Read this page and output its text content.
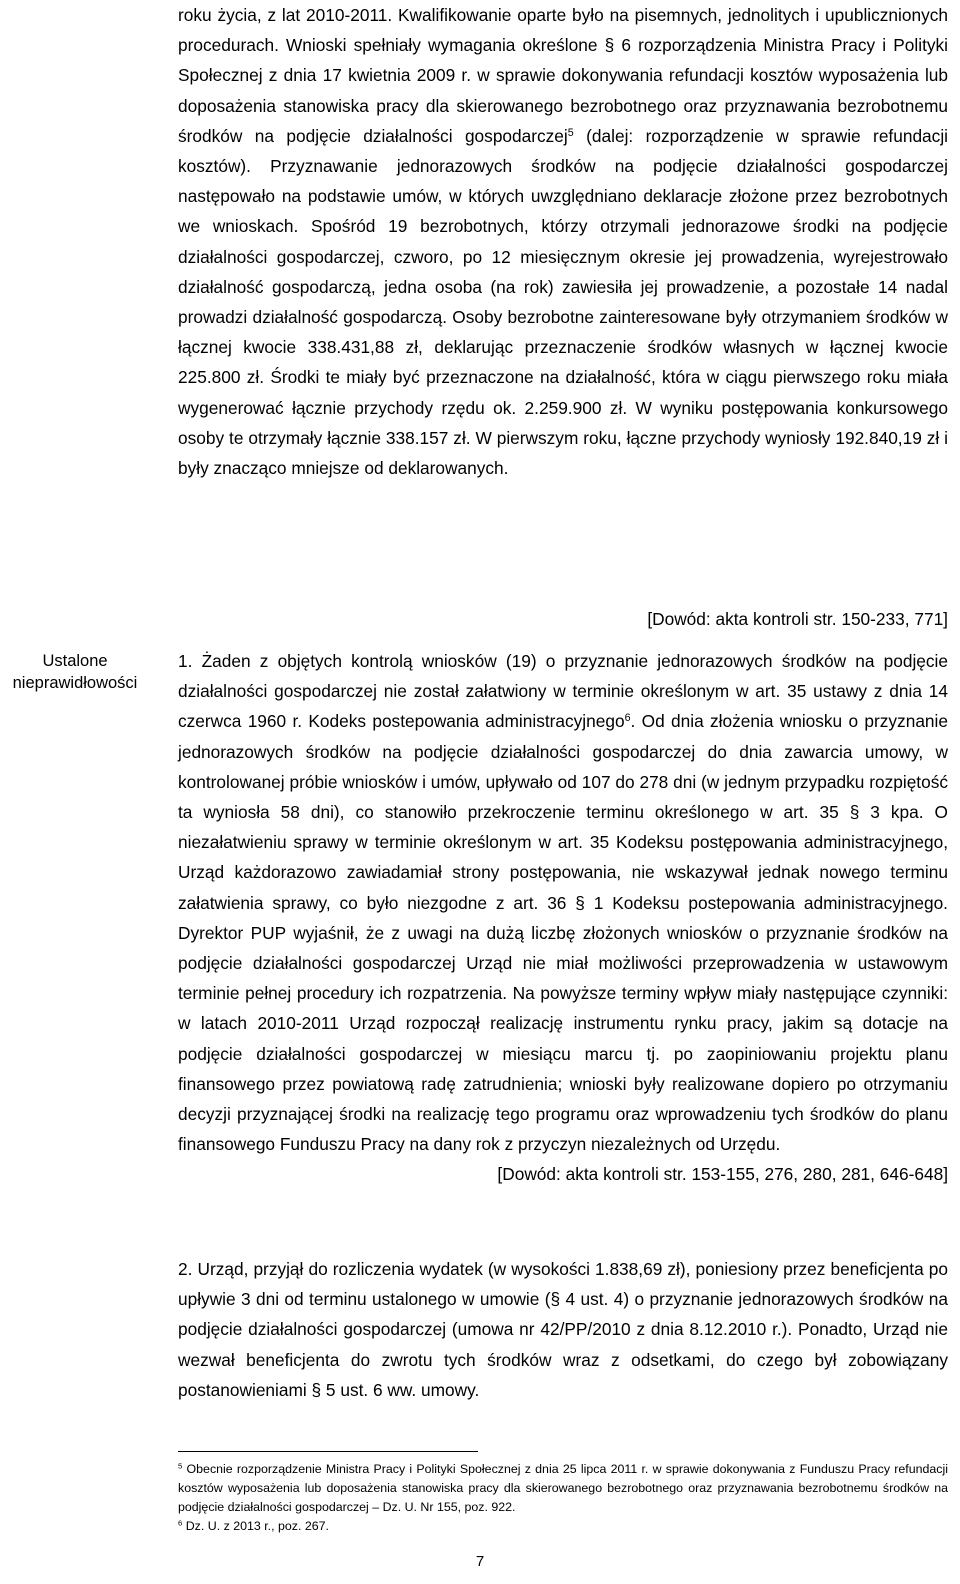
roku życia, z lat 2010-2011. Kwalifikowanie oparte było na pisemnych, jednolitych i upublicznionych procedurach. Wnioski spełniały wymagania określone § 6 rozporządzenia Ministra Pracy i Polityki Społecznej z dnia 17 kwietnia 2009 r. w sprawie dokonywania refundacji kosztów wyposażenia lub doposażenia stanowiska pracy dla skierowanego bezrobotnego oraz przyznawania bezrobotnemu środków na podjęcie działalności gospodarczej$^5$ (dalej: rozporządzenie w sprawie refundacji kosztów). Przyznawanie jednorazowych środków na podjęcie działalności gospodarczej następowało na podstawie umów, w których uwzględniano deklaracje złożone przez bezrobotnych we wnioskach. Spośród 19 bezrobotnych, którzy otrzymali jednorazowe środki na podjęcie działalności gospodarczej, czworo, po 12 miesięcznym okresie jej prowadzenia, wyrejestrowało działalność gospodarczą, jedna osoba (na rok) zawiesiła jej prowadzenie, a pozostałe 14 nadal prowadzi działalność gospodarczą. Osoby bezrobotne zainteresowane były otrzymaniem środków w łącznej kwocie 338.431,88 zł, deklarując przeznaczenie środków własnych w łącznej kwocie 225.800 zł. Środki te miały być przeznaczone na działalność, która w ciągu pierwszego roku miała wygenerować łącznie przychody rzędu ok. 2.259.900 zł. W wyniku postępowania konkursowego osoby te otrzymały łącznie 338.157 zł. W pierwszym roku, łączne przychody wyniosły 192.840,19 zł i były znacząco mniejsze od deklarowanych.

[Dowód: akta kontroli str. 150-233, 771]
Ustalone
nieprawidłowości

1. Żaden z objętych kontrolą wniosków (19) o przyznanie jednorazowych środków na podjęcie działalności gospodarczej nie został załatwiony w terminie określonym w art. 35 ustawy z dnia 14 czerwca 1960 r. Kodeks postepowania administracyjnego$^6$. Od dnia złożenia wniosku o przyznanie jednorazowych środków na podjęcie działalności gospodarczej do dnia zawarcia umowy, w kontrolowanej próbie wniosków i umów, upływało od 107 do 278 dni (w jednym przypadku rozpiętość ta wyniosła 58 dni), co stanowiło przekroczenie terminu określonego w art. 35 § 3 kpa. O niezałatwieniu sprawy w terminie określonym w art. 35 Kodeksu postępowania administracyjnego, Urząd każdorazowo zawiadamiał strony postępowania, nie wskazywał jednak nowego terminu załatwienia sprawy, co było niezgodne z art. 36 § 1 Kodeksu postepowania administracyjnego. Dyrektor PUP wyjaśnił, że z uwagi na dużą liczbę złożonych wniosków o przyznanie środków na podjęcie działalności gospodarczej Urząd nie miał możliwości przeprowadzenia w ustawowym terminie pełnej procedury ich rozpatrzenia. Na powyższe terminy wpływ miały następujące czynniki: w latach 2010-2011 Urząd rozpoczął realizację instrumentu rynku pracy, jakim są dotacje na podjęcie działalności gospodarczej w miesiącu marcu tj. po zaopiniowaniu projektu planu finansowego przez powiatową radę zatrudnienia; wnioski były realizowane dopiero po otrzymaniu decyzji przyznającej środki na realizację tego programu oraz wprowadzeniu tych środków do planu finansowego Funduszu Pracy na dany rok z przyczyn niezależnych od Urzędu.

[Dowód: akta kontroli str. 153-155, 276, 280, 281, 646-648]

2. Urząd, przyjął do rozliczenia wydatek (w wysokości 1.838,69 zł), poniesiony przez beneficjenta po upływie 3 dni od terminu ustalonego w umowie (§ 4 ust. 4) o przyznanie jednorazowych środków na podjęcie działalności gospodarczej (umowa nr 42/PP/2010 z dnia 8.12.2010 r.). Ponadto, Urząd nie wezwał beneficjenta do zwrotu tych środków wraz z odsetkami, do czego był zobowiązany postanowieniami § 5 ust. 6 ww. umowy.

$^5$ Obecnie rozporządzenie Ministra Pracy i Polityki Społecznej z dnia 25 lipca 2011 r. w sprawie dokonywania z Funduszu Pracy refundacji kosztów wyposażenia lub doposażenia stanowiska pracy dla skierowanego bezrobotnego oraz przyznawania bezrobotnemu środków na podjęcie działalności gospodarczej – Dz. U. Nr 155, poz. 922.

$^6$ Dz. U. z 2013 r., poz. 267.

7
